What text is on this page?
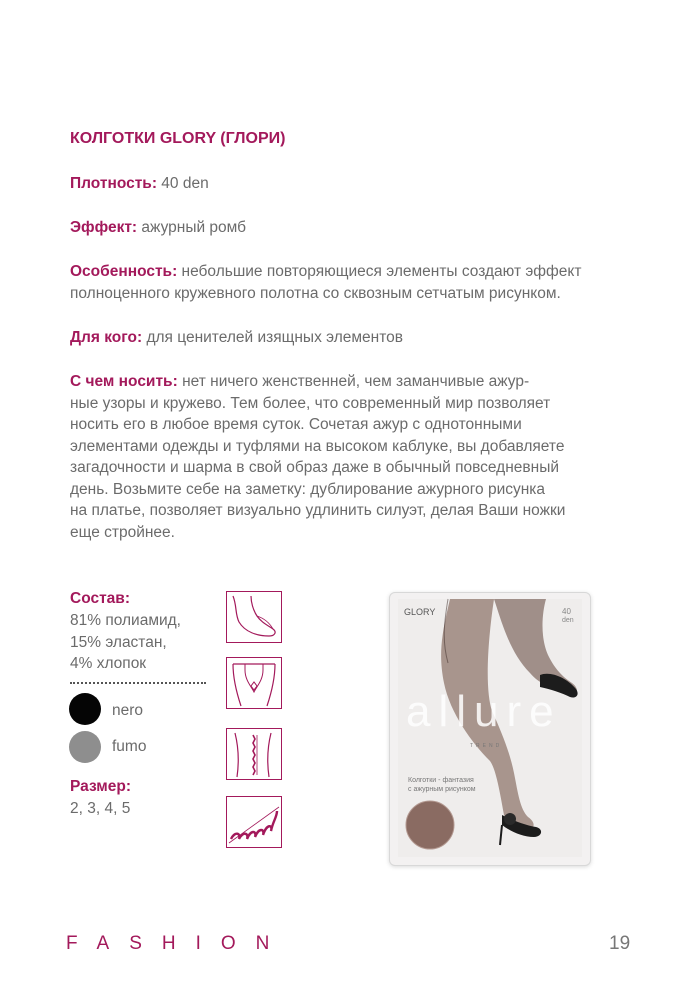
КОЛГОТКИ GLORY (ГЛОРИ)
Плотность: 40 den
Эффект: ажурный ромб
Особенность: небольшие повторяющиеся элементы создают эффект
полноценного кружевного полотна со сквозным сетчатым рисунком.
Для кого: для ценителей изящных элементов
С чем носить: нет ничего женственней, чем заманчивые ажур-
ные узоры и кружево. Тем более, что современный мир позволяет
носить его в любое время суток. Сочетая ажур с однотонными
элементами одежды и туфлями на высоком каблуке, вы добавляете
загадочности и шарма в свой образ даже в обычный повседневный
день. Возьмите себе на заметку: дублирование ажурного рисунка
на платье, позволяет визуально удлинить силуэт, делая Ваши ножки
еще стройнее.
Состав:
81% полиамид,
15% эластан,
4% хлопок
nero
fumo
Размер:
2, 3, 4, 5
GLORY	40
den
allure
TREND
Колготки - фантазия
с ажурным рисунком
FASHION	19
